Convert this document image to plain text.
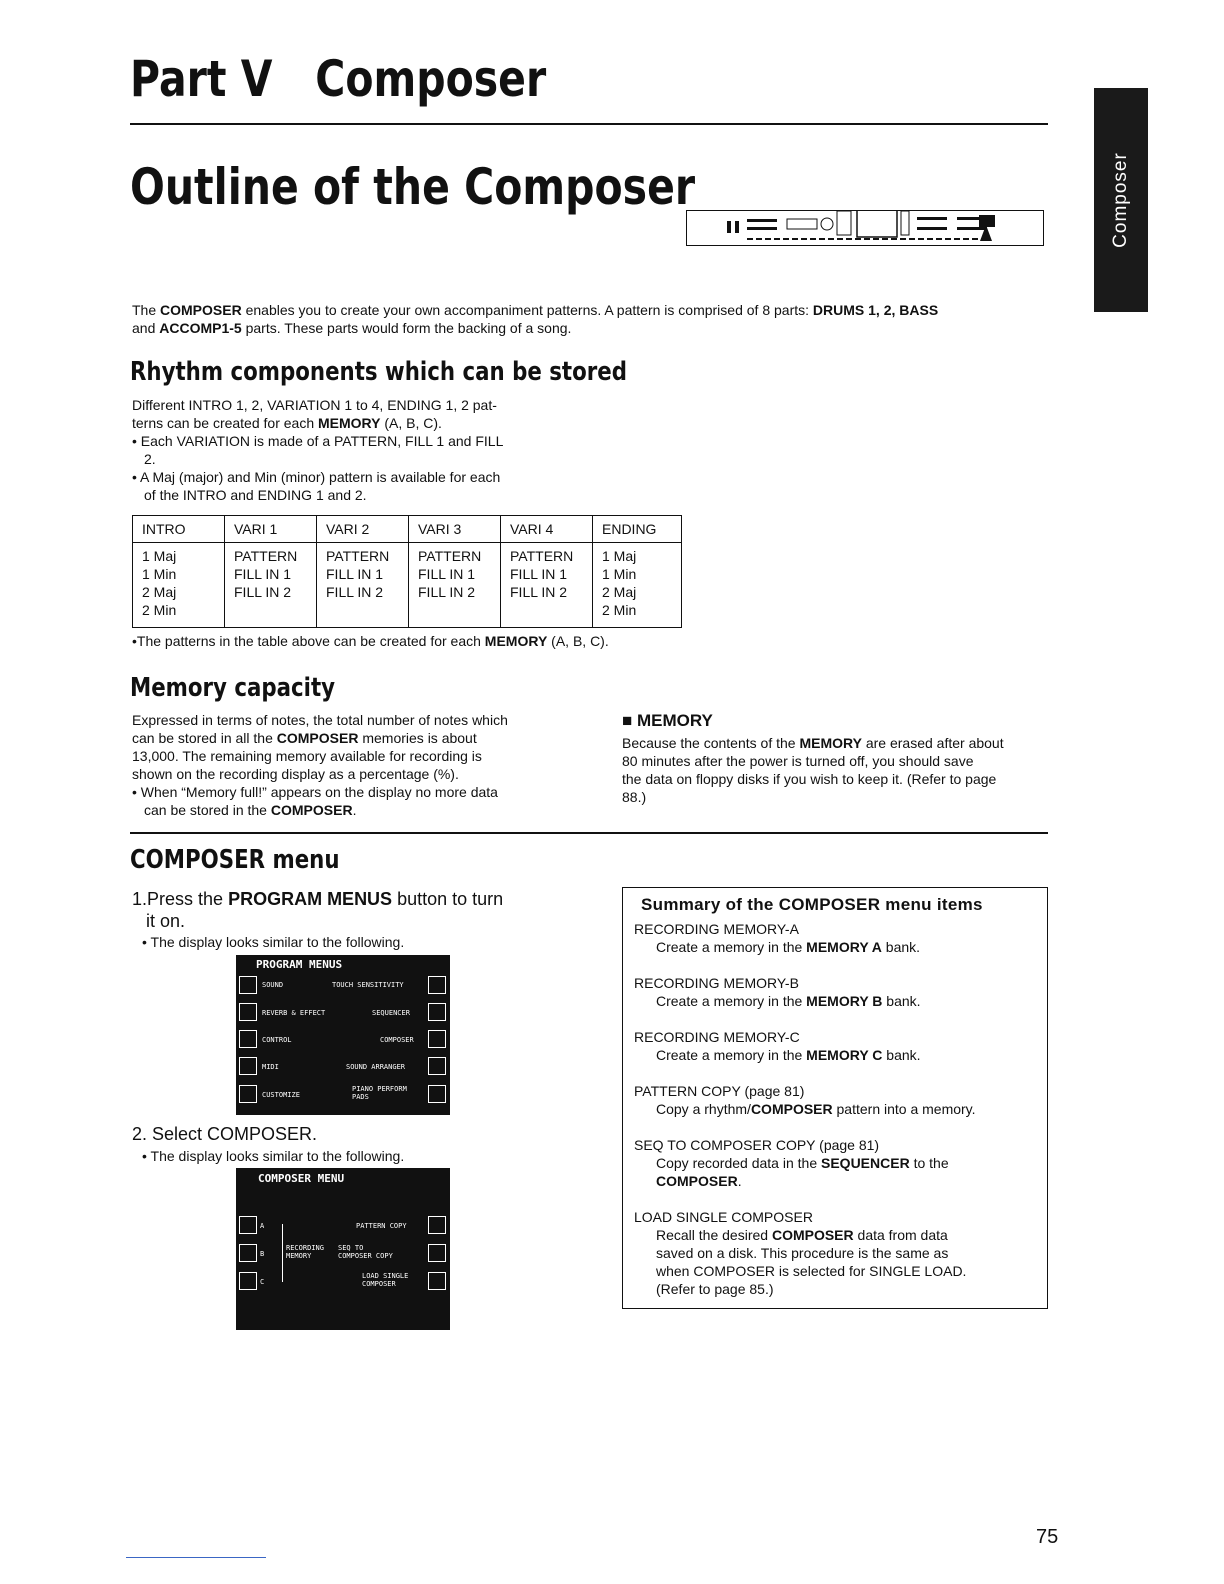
Part V   Composer
Outline of the Composer	Composer
The COMPOSER enables you to create your own accompaniment patterns. A pattern is comprised of 8 parts: DRUMS 1, 2, BASS
and ACCOMP1-5 parts. These parts would form the backing of a song.
Rhythm components which can be stored
Different INTRO 1, 2, VARIATION 1 to 4, ENDING 1, 2 pat-
terns can be created for each MEMORY (A, B, C).
• Each VARIATION is made of a PATTERN, FILL 1 and FILL
2.
• A Maj (major) and Min (minor) pattern is available for each
of the INTRO and ENDING 1 and 2.
INTRO	VARI 1	VARI 2	VARI 3	VARI 4	ENDING
1 Maj
1 Min
2 Maj
2 Min	PATTERN
FILL IN 1
FILL IN 2	PATTERN
FILL IN 1
FILL IN 2	PATTERN
FILL IN 1
FILL IN 2	PATTERN
FILL IN 1
FILL IN 2	1 Maj
1 Min
2 Maj
2 Min
•The patterns in the table above can be created for each MEMORY (A, B, C).
Memory capacity
Expressed in terms of notes, the total number of notes which
can be stored in all the COMPOSER memories is about
13,000. The remaining memory available for recording is
shown on the recording display as a percentage (%).
• When “Memory full!” appears on the display no more data
can be stored in the COMPOSER.
■ MEMORY
Because the contents of the MEMORY are erased after about
80 minutes after the power is turned off, you should save
the data on floppy disks if you wish to keep it. (Refer to page
88.)
COMPOSER menu
1.Press the PROGRAM MENUS button to turn
it on.
• The display looks similar to the following.
PROGRAM MENUS
SOUND	TOUCH SENSITIVITY
REVERB & EFFECT	SEQUENCER
CONTROL	COMPOSER
MIDI	SOUND ARRANGER
CUSTOMIZE
PIANO PERFORM PADS
2. Select COMPOSER.
• The display looks similar to the following.
COMPOSER MENU
A
B
C
RECORDING
MEMORY
PATTERN COPY
SEQ TO
COMPOSER COPY
LOAD SINGLE
COMPOSER
Summary of the COMPOSER menu items
RECORDING MEMORY-A
Create a memory in the MEMORY A bank.
RECORDING MEMORY-B
Create a memory in the MEMORY B bank.
RECORDING MEMORY-C
Create a memory in the MEMORY C bank.
PATTERN COPY (page 81)
Copy a rhythm/COMPOSER pattern into a memory.
SEQ TO COMPOSER COPY (page 81)
Copy recorded data in the SEQUENCER to the
COMPOSER.
LOAD SINGLE COMPOSER
Recall the desired COMPOSER data from data
saved on a disk. This procedure is the same as
when COMPOSER is selected for SINGLE LOAD.
(Refer to page 85.)
75
